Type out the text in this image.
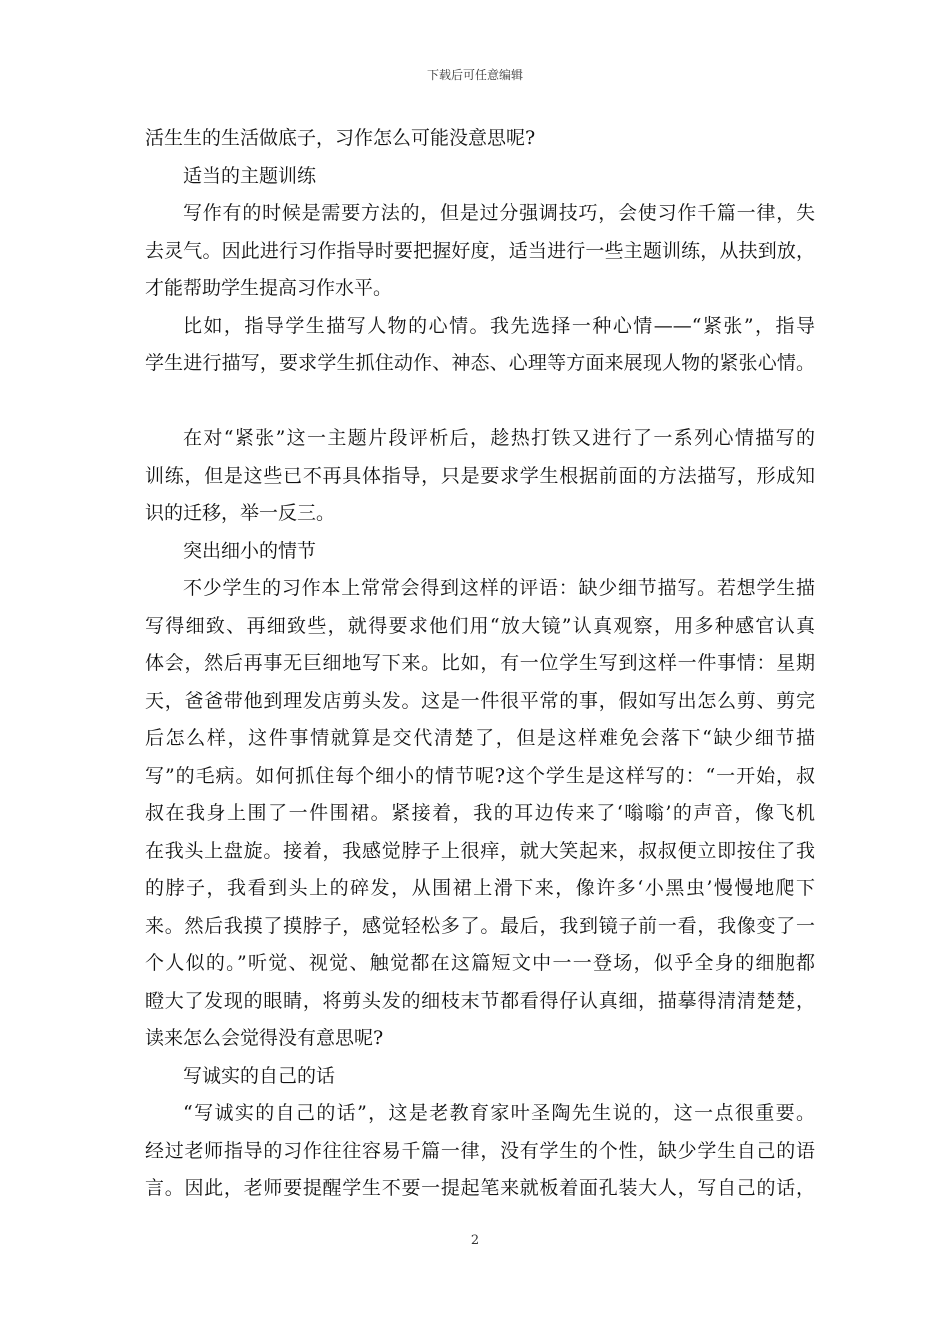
下载后可任意编辑
活生生的生活做底子，习作怎么可能没意思呢?
适当的主题训练
写作有的时候是需要方法的，但是过分强调技巧，会使习作千篇一律，失
去灵气。因此进行习作指导时要把握好度，适当进行一些主题训练，从扶到放，
才能帮助学生提高习作水平。
比如，指导学生描写人物的心情。我先选择一种心情——“紧张”，指导
学生进行描写，要求学生抓住动作、神态、心理等方面来展现人物的紧张心情。
在对“紧张”这一主题片段评析后，趁热打铁又进行了一系列心情描写的
训练，但是这些已不再具体指导，只是要求学生根据前面的方法描写，形成知
识的迁移，举一反三。
突出细小的情节
不少学生的习作本上常常会得到这样的评语：缺少细节描写。若想学生描
写得细致、再细致些，就得要求他们用“放大镜”认真观察，用多种感官认真
体会，然后再事无巨细地写下来。比如，有一位学生写到这样一件事情：星期
天，爸爸带他到理发店剪头发。这是一件很平常的事，假如写出怎么剪、剪完
后怎么样，这件事情就算是交代清楚了，但是这样难免会落下“缺少细节描
写”的毛病。如何抓住每个细小的情节呢?这个学生是这样写的：“一开始，叔
叔在我身上围了一件围裙。紧接着，我的耳边传来了‘嗡嗡’的声音，像飞机
在我头上盘旋。接着，我感觉脖子上很痒，就大笑起来，叔叔便立即按住了我
的脖子，我看到头上的碎发，从围裙上滑下来，像许多‘小黑虫’慢慢地爬下
来。然后我摸了摸脖子，感觉轻松多了。最后，我到镜子前一看，我像变了一
个人似的。”听觉、视觉、触觉都在这篇短文中一一登场，似乎全身的细胞都
瞪大了发现的眼睛，将剪头发的细枝末节都看得仔认真细，描摹得清清楚楚，
读来怎么会觉得没有意思呢?
写诚实的自己的话
“写诚实的自己的话”，这是老教育家叶圣陶先生说的，这一点很重要。
经过老师指导的习作往往容易千篇一律，没有学生的个性，缺少学生自己的语
言。因此，老师要提醒学生不要一提起笔来就板着面孔装大人，写自己的话，
2
